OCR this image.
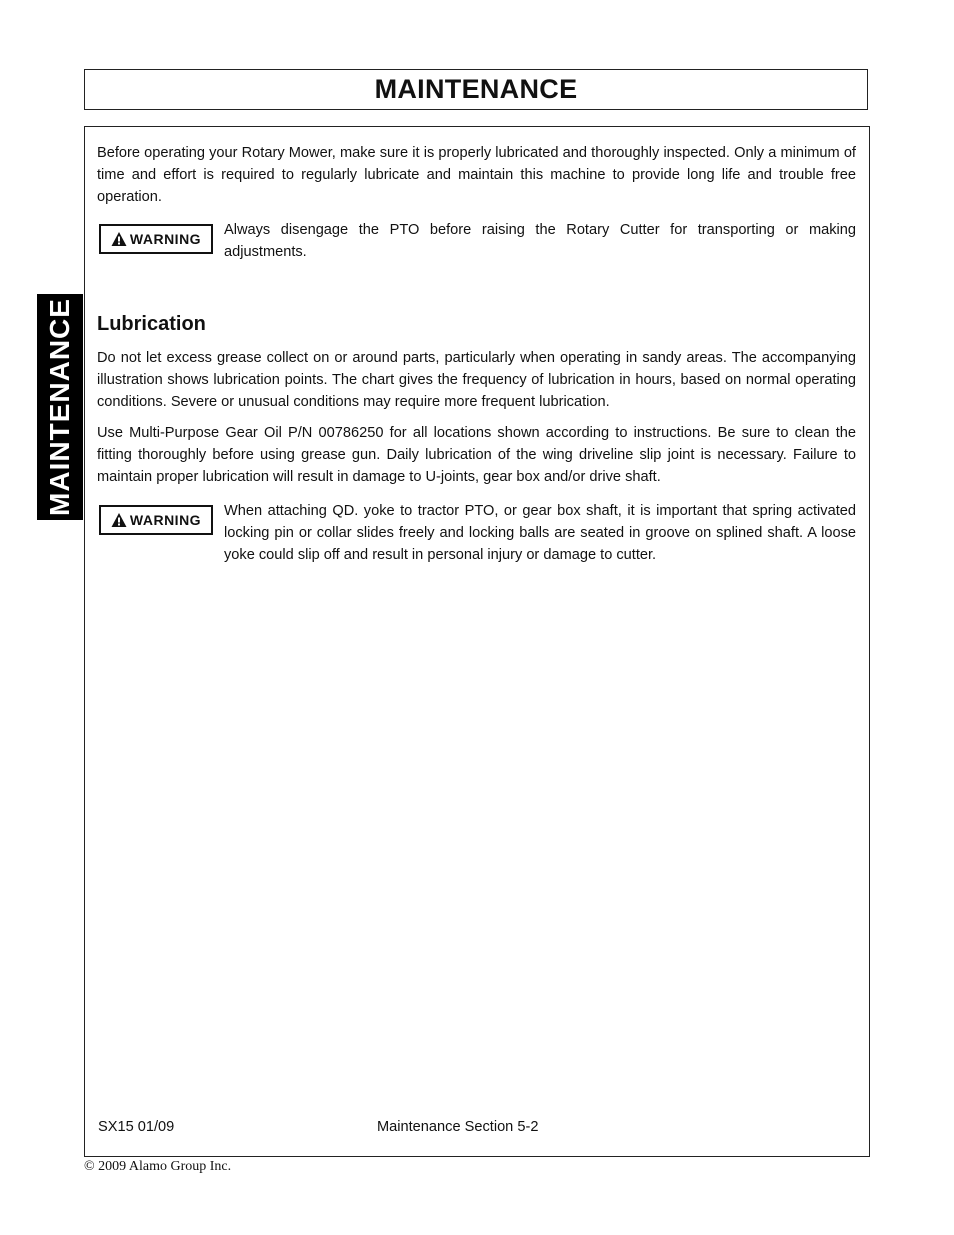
MAINTENANCE
MAINTENANCE

Before operating your Rotary Mower, make sure it is properly lubricated and thoroughly inspected. Only a minimum of time and effort is required to regularly lubricate and maintain this machine to provide long life and trouble free operation.

WARNING

Always disengage the PTO before raising the Rotary Cutter for transporting or making adjustments.

Lubrication

Do not let excess grease collect on or around parts, particularly when operating in sandy areas. The accompanying illustration shows lubrication points. The chart gives the frequency of lubrication in hours, based on normal operating conditions. Severe or unusual conditions may require more frequent lubrication.

Use Multi-Purpose Gear Oil P/N 00786250 for all locations shown according to instructions. Be sure to clean the fitting thoroughly before using grease gun. Daily lubrication of the wing driveline slip joint is necessary. Failure to maintain proper lubrication will result in damage to U-joints, gear box and/or drive shaft.

WARNING

When attaching QD. yoke to tractor PTO, or gear box shaft, it is important that spring activated locking pin or collar slides freely and locking balls are seated in groove on splined shaft. A loose yoke could slip off and result in personal injury or damage to cutter.

SX15 01/09	Maintenance Section 5-2
© 2009 Alamo Group Inc.
